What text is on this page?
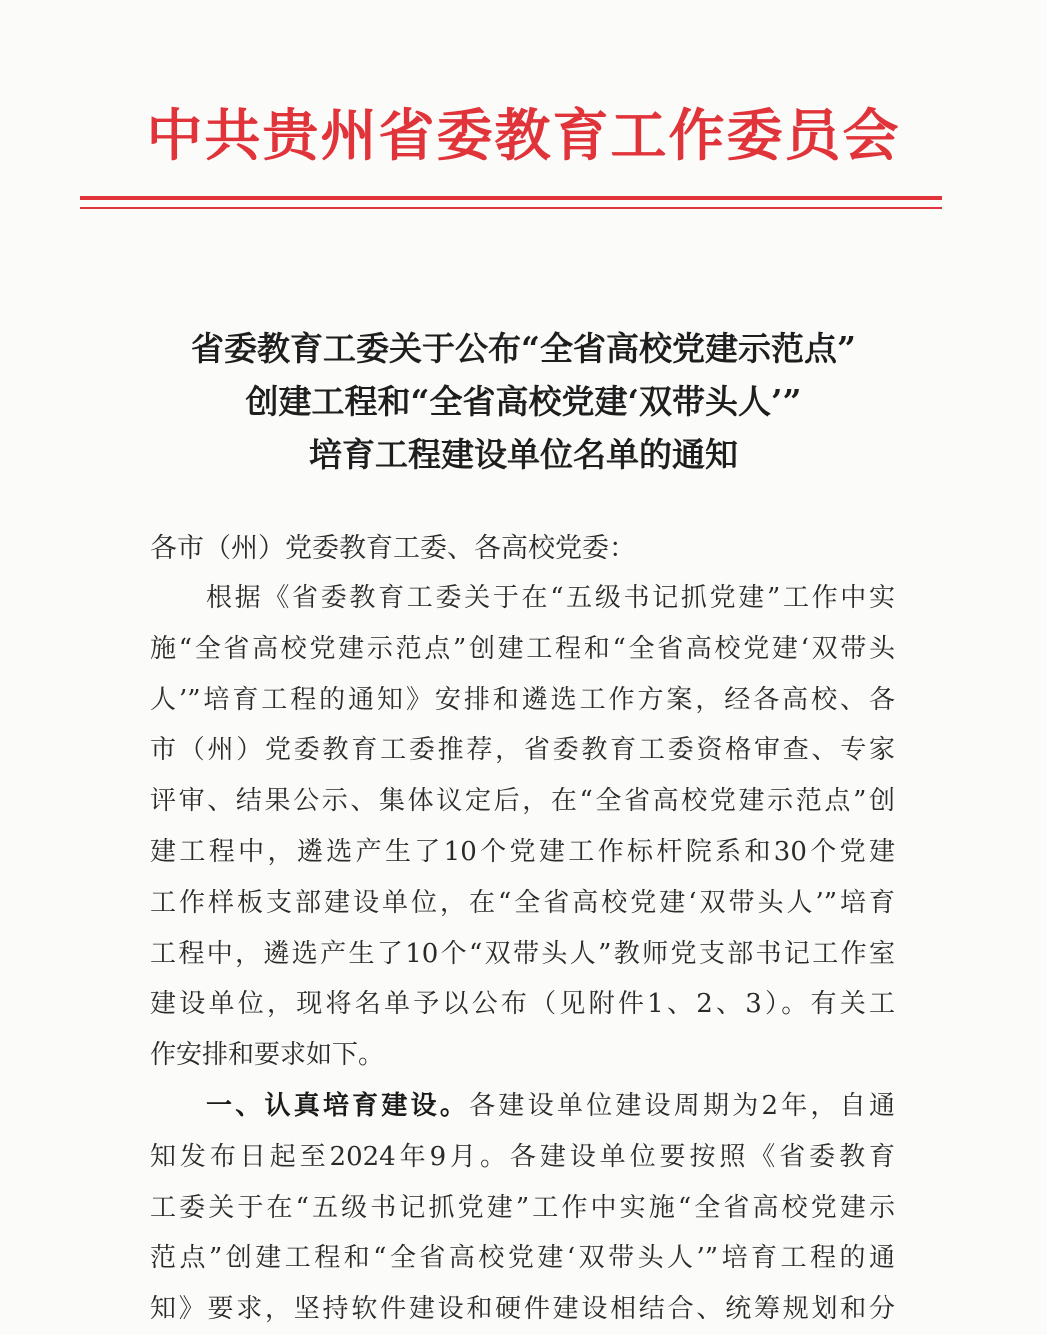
中共贵州省委教育工作委员会
省委教育工委关于公布“全省高校党建示范点”
创建工程和“全省高校党建‘双带头人’”
培育工程建设单位名单的通知
各市（州）党委教育工委、各高校党委：
根据《省委教育工委关于在“五级书记抓党建”工作中实
施“全省高校党建示范点”创建工程和“全省高校党建‘双带头
人’”培育工程的通知》安排和遴选工作方案，经各高校、各
市（州）党委教育工委推荐，省委教育工委资格审查、专家
评审、结果公示、集体议定后，在“全省高校党建示范点”创
建工程中，遴选产生了10个党建工作标杆院系和30个党建
工作样板支部建设单位，在“全省高校党建‘双带头人’”培育
工程中，遴选产生了10个“双带头人”教师党支部书记工作室
建设单位，现将名单予以公布（见附件1、2、3）。有关工
作安排和要求如下。
一、认真培育建设。各建设单位建设周期为2年，自通
知发布日起至2024年9月。各建设单位要按照《省委教育
工委关于在“五级书记抓党建”工作中实施“全省高校党建示
范点”创建工程和“全省高校党建‘双带头人’”培育工程的通
知》要求，坚持软件建设和硬件建设相结合、统筹规划和分
